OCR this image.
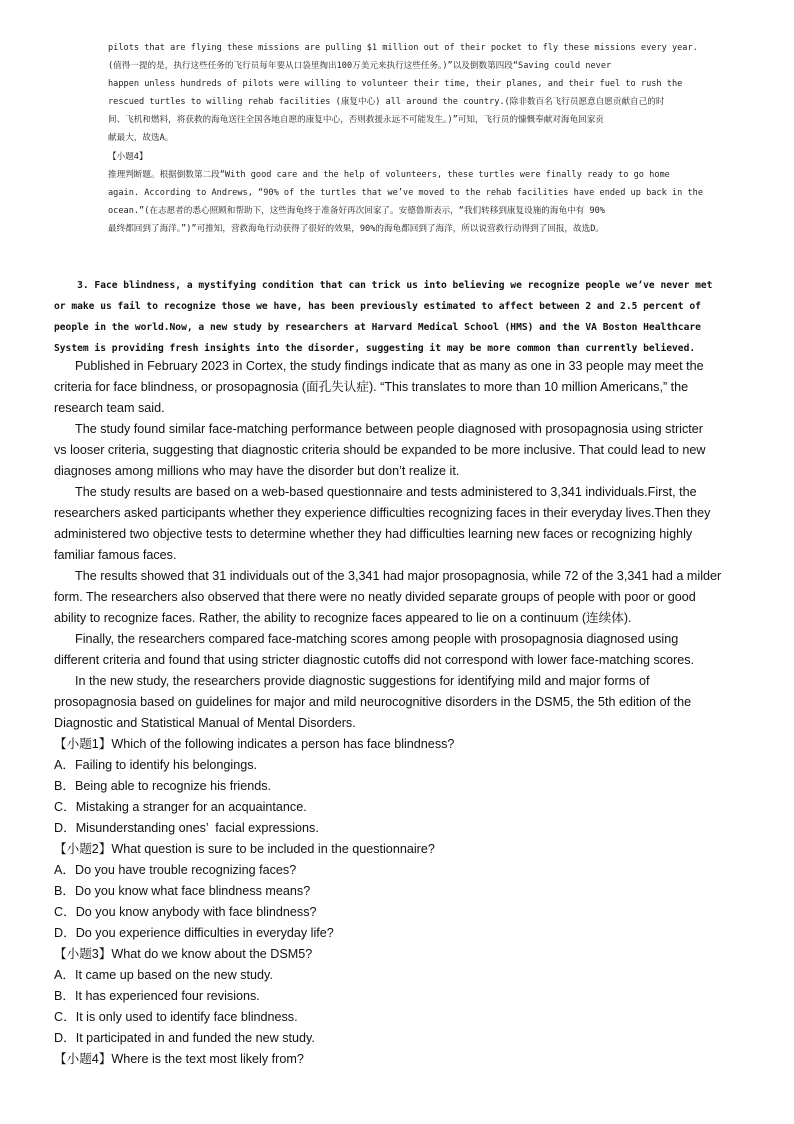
pilots that are flying these missions are pulling $1 million out of their pocket to fly these missions every year.
(值得一提的是，执行这些任务的飞行员每年要从口袋里掏出100万美元来执行这些任务。)”以及倒数第四段“Saving could never
happen unless hundreds of pilots were willing to volunteer their time, their planes, and their fuel to rush the
rescued turtles to willing rehab facilities (康复中心) all around the country.(除非数百名飞行员愿意自愿贡献自己的时
间、飞机和燃料，将获救的海龟送往全国各地自愿的康复中心，否则救援永远不可能发生。)”可知，飞行员的慷慨奉献对海龟回家贡
献最大，故选A。
【小题4】
推理判断题。根据倒数第二段“With good care and the help of volunteers, these turtles were finally ready to go home
again. According to Andrews, “90% of the turtles that we’ve moved to the rehab facilities have ended up back in the
ocean.”(在志愿者的悉心照顾和帮助下，这些海龟终于准备好再次回家了。安德鲁斯表示，“我们转移到康复设施的海龟中有 90%
最终都回到了海洋。”)”可推知，营救海龟行动获得了很好的效果，90%的海龟都回到了海洋，所以说营救行动得到了回报，故选D。
3. Face blindness, a mystifying condition that can trick us into believing we recognize people we’ve never met
or make us fail to recognize those we have, has been previously estimated to affect between 2 and 2.5 percent of
people in the world.Now, a new study by researchers at Harvard Medical School (HMS) and the VA Boston Healthcare
System is providing fresh insights into the disorder, suggesting it may be more common than currently believed.
Published in February 2023 in Cortex, the study findings indicate that as many as one in 33 people may meet the
criteria for face blindness, or prosopagnosia (面孔失认症). “This translates to more than 10 million Americans,” the
research team said.
The study found similar face-matching performance between people diagnosed with prosopagnosia using stricter
vs looser criteria, suggesting that diagnostic criteria should be expanded to be more inclusive. That could lead to new
diagnoses among millions who may have the disorder but don’t realize it.
The study results are based on a web-based questionnaire and tests administered to 3,341 individuals.First, the
researchers asked participants whether they experience difficulties recognizing faces in their everyday lives.Then they
administered two objective tests to determine whether they had difficulties learning new faces or recognizing highly
familiar famous faces.
The results showed that 31 individuals out of the 3,341 had major prosopagnosia, while 72 of the 3,341 had a milder
form. The researchers also observed that there were no neatly divided separate groups of people with poor or good
ability to recognize faces. Rather, the ability to recognize faces appeared to lie on a continuum (连续体).
Finally, the researchers compared face-matching scores among people with prosopagnosia diagnosed using
different criteria and found that using stricter diagnostic cutoffs did not correspond with lower face-matching scores.
In the new study, the researchers provide diagnostic suggestions for identifying mild and major forms of
prosopagnosia based on guidelines for major and mild neurocognitive disorders in the DSM5, the 5th edition of the
Diagnostic and Statistical Manual of Mental Disorders.
【小题1】Which of the following indicates a person has face blindness?
A．Failing to identify his belongings.
B．Being able to recognize his friends.
C．Mistaking a stranger for an acquaintance.
D．Misunderstanding ones’  facial expressions.
【小题2】What question is sure to be included in the questionnaire?
A．Do you have trouble recognizing faces?
B．Do you know what face blindness means?
C．Do you know anybody with face blindness?
D．Do you experience difficulties in everyday life?
【小题3】What do we know about the DSM5?
A．It came up based on the new study.
B．It has experienced four revisions.
C．It is only used to identify face blindness.
D．It participated in and funded the new study.
【小题4】Where is the text most likely from?
